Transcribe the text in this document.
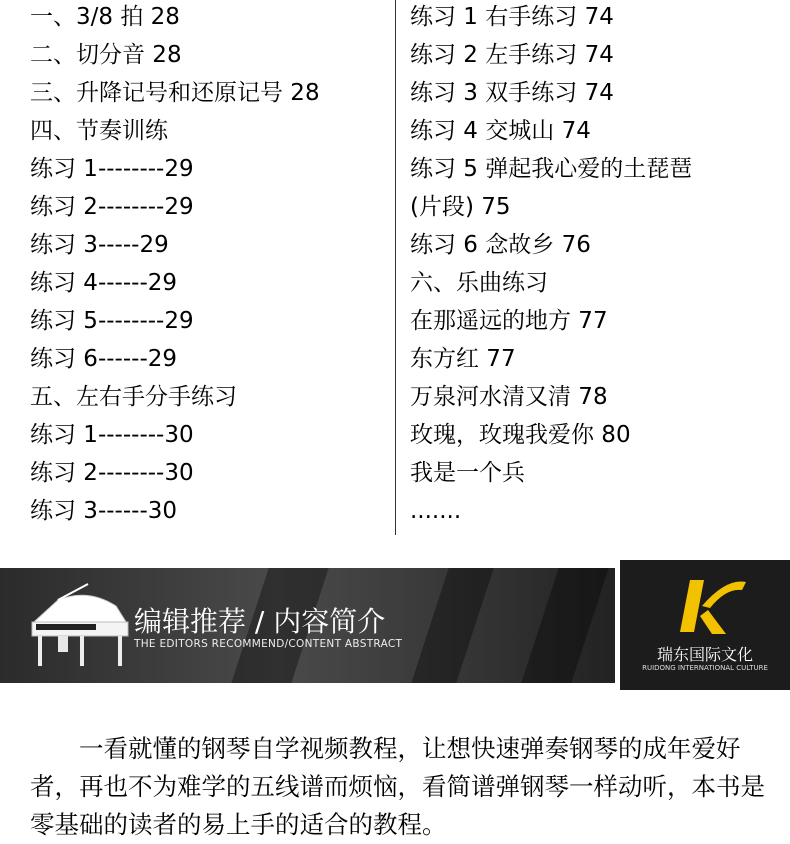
一、3/8 拍 28
二、切分音 28
三、升降记号和还原记号 28
四、节奏训练
练习 1--------29
练习 2--------29
练习 3-----29
练习 4------29
练习 5--------29
练习 6------29
五、左右手分手练习
练习 1--------30
练习 2--------30
练习 3------30
练习 1 右手练习 74
练习 2 左手练习 74
练习 3 双手练习 74
练习 4 交城山 74
练习 5 弹起我心爱的土琵琶
(片段) 75
练习 6 念故乡 76
六、乐曲练习
在那遥远的地方 77
东方红 77
万泉河水清又清 78
玫瑰，玫瑰我爱你 80
我是一个兵
.......
编辑推荐 / 内容简介
THE EDITORS RECOMMEND/CONTENT ABSTRACT
瑞东国际文化
RUIDONG INTERNATIONAL CULTURE
一看就懂的钢琴自学视频教程，让想快速弹奏钢琴的成年爱好者，再也不为难学的五线谱而烦恼，看简谱弹钢琴一样动听，本书是零基础的读者的易上手的适合的教程。
